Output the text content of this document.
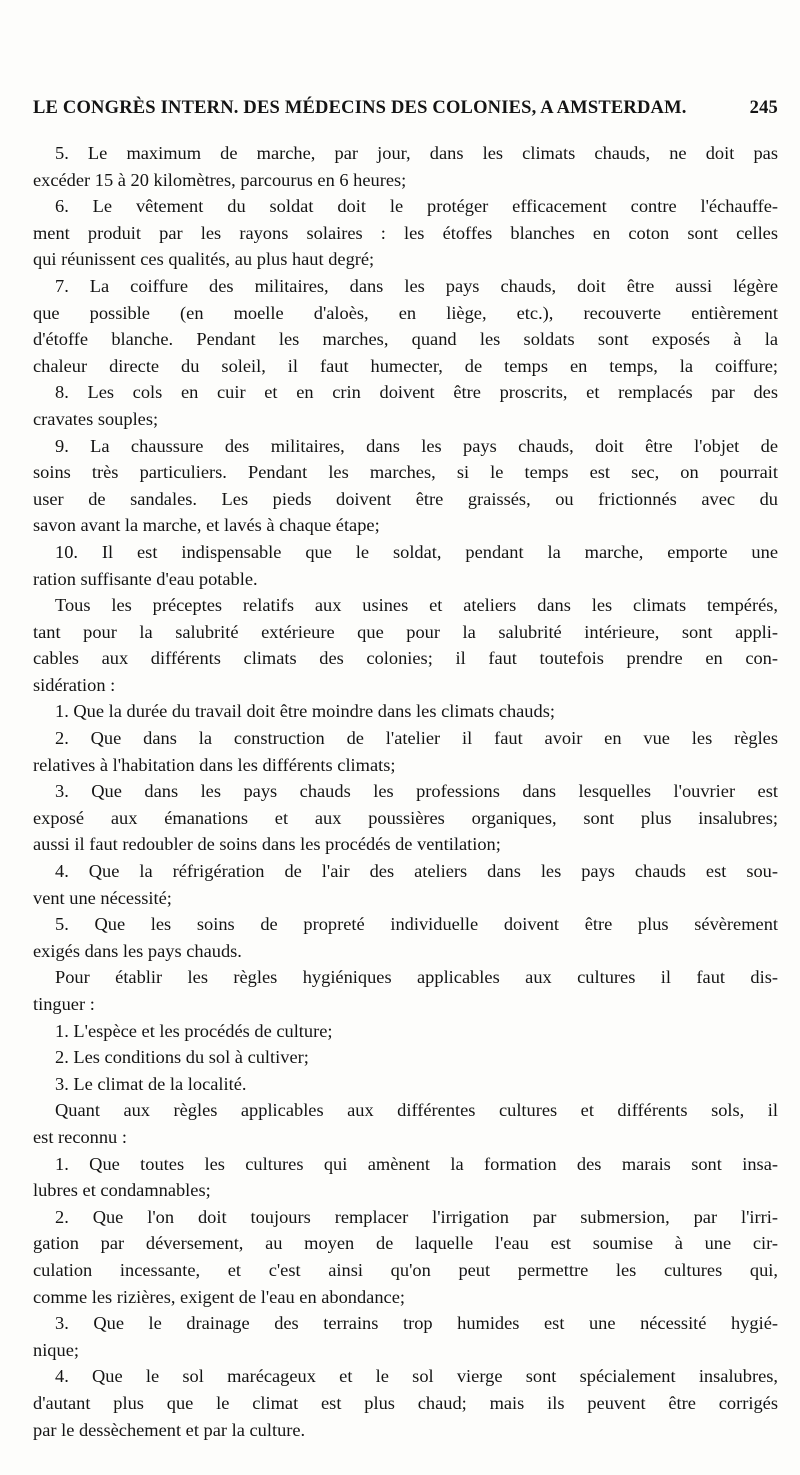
LE CONGRÈS INTERN. DES MÉDECINS DES COLONIES, A AMSTERDAM.	245
5. Le maximum de marche, par jour, dans les climats chauds, ne doit pas
excéder 15 à 20 kilomètres, parcourus en 6 heures;
6. Le vêtement du soldat doit le protéger efficacement contre l'échauffe-
ment produit par les rayons solaires : les étoffes blanches en coton sont celles
qui réunissent ces qualités, au plus haut degré;
7. La coiffure des militaires, dans les pays chauds, doit être aussi légère
que possible (en moelle d'aloès, en liège, etc.), recouverte entièrement
d'étoffe blanche. Pendant les marches, quand les soldats sont exposés à la
chaleur directe du soleil, il faut humecter, de temps en temps, la coiffure;
8. Les cols en cuir et en crin doivent être proscrits, et remplacés par des
cravates souples;
9. La chaussure des militaires, dans les pays chauds, doit être l'objet de
soins très particuliers. Pendant les marches, si le temps est sec, on pourrait
user de sandales. Les pieds doivent être graissés, ou frictionnés avec du
savon avant la marche, et lavés à chaque étape;
10. Il est indispensable que le soldat, pendant la marche, emporte une
ration suffisante d'eau potable.
Tous les préceptes relatifs aux usines et ateliers dans les climats tempérés,
tant pour la salubrité extérieure que pour la salubrité intérieure, sont appli-
cables aux différents climats des colonies; il faut toutefois prendre en con-
sidération :
1. Que la durée du travail doit être moindre dans les climats chauds;
2. Que dans la construction de l'atelier il faut avoir en vue les règles
relatives à l'habitation dans les différents climats;
3. Que dans les pays chauds les professions dans lesquelles l'ouvrier est
exposé aux émanations et aux poussières organiques, sont plus insalubres;
aussi il faut redoubler de soins dans les procédés de ventilation;
4. Que la réfrigération de l'air des ateliers dans les pays chauds est sou-
vent une nécessité;
5. Que les soins de propreté individuelle doivent être plus sévèrement
exigés dans les pays chauds.
Pour établir les règles hygiéniques applicables aux cultures il faut dis-
tinguer :
1. L'espèce et les procédés de culture;
2. Les conditions du sol à cultiver;
3. Le climat de la localité.
Quant aux règles applicables aux différentes cultures et différents sols, il
est reconnu :
1. Que toutes les cultures qui amènent la formation des marais sont insa-
lubres et condamnables;
2. Que l'on doit toujours remplacer l'irrigation par submersion, par l'irri-
gation par déversement, au moyen de laquelle l'eau est soumise à une cir-
culation incessante, et c'est ainsi qu'on peut permettre les cultures qui,
comme les rizières, exigent de l'eau en abondance;
3. Que le drainage des terrains trop humides est une nécessité hygié-
nique;
4. Que le sol marécageux et le sol vierge sont spécialement insalubres,
d'autant plus que le climat est plus chaud; mais ils peuvent être corrigés
par le dessèchement et par la culture.
